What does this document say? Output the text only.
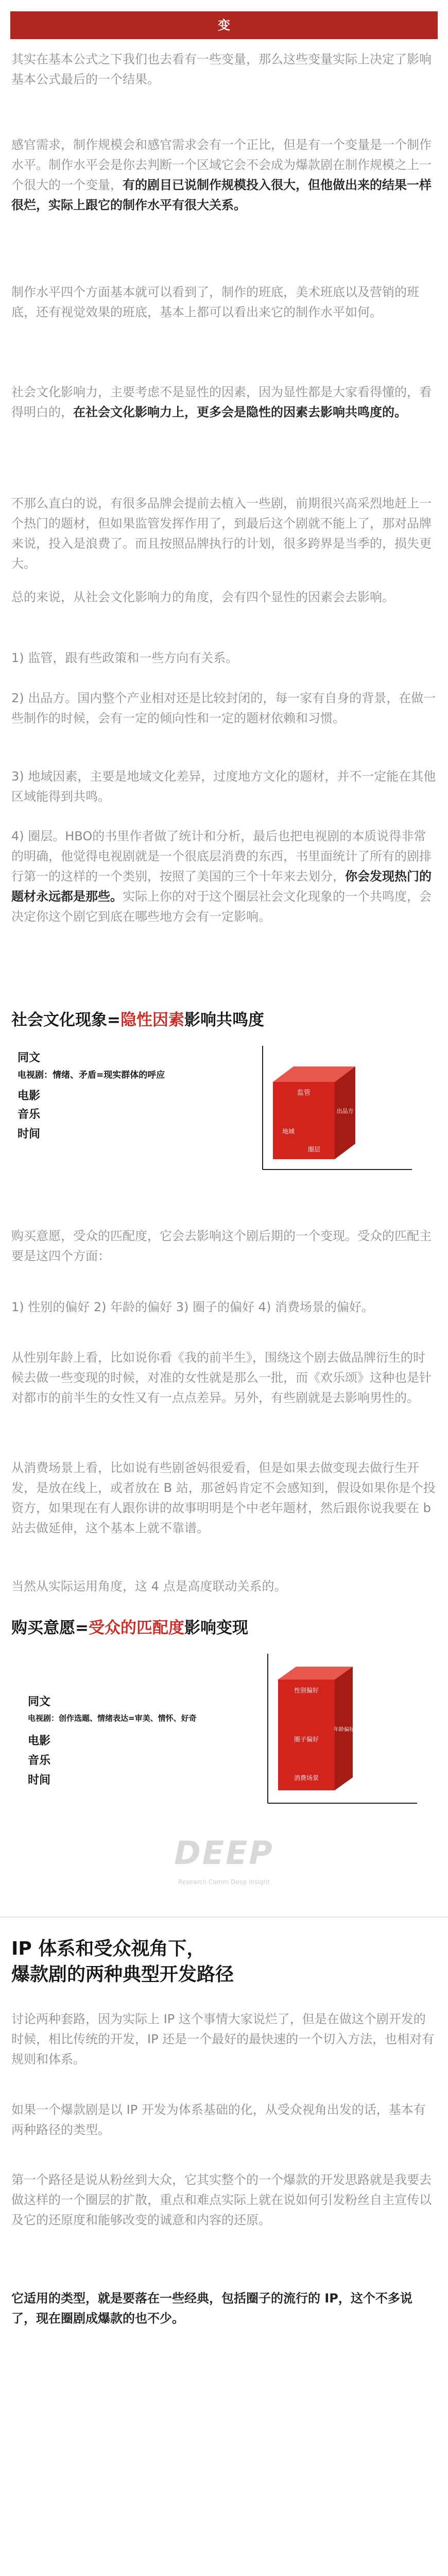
变
其实在基本公式之下我们也去看有一些变量，那么这些变量实际上决定了影响基本公式最后的一个结果。
感官需求，制作规模会和感官需求会有一个正比，但是有一个变量是一个制作水平。制作水平会是你去判断一个区域它会不会成为爆款剧在制作规模之上一个很大的一个变量，有的剧目已说制作规模投入很大，但他做出来的结果一样很烂，实际上跟它的制作水平有很大关系。
制作水平四个方面基本就可以看到了，制作的班底，美术班底以及营销的班底，还有视觉效果的班底，基本上都可以看出来它的制作水平如何。
社会文化影响力，主要考虑不是显性的因素，因为显性都是大家看得懂的，看得明白的，在社会文化影响力上，更多会是隐性的因素去影响共鸣度的。
不那么直白的说，有很多品牌会提前去植入一些剧，前期很兴高采烈地赶上一个热门的题材，但如果监管发挥作用了，到最后这个剧就不能上了，那对品牌来说，投入是浪费了。而且按照品牌执行的计划，很多跨界是当季的，损失更大。
总的来说，从社会文化影响力的角度，会有四个显性的因素会去影响。
1) 监管，跟有些政策和一些方向有关系。
2) 出品方。国内整个产业相对还是比较封闭的，每一家有自身的背景，在做一些制作的时候，会有一定的倾向性和一定的题材依赖和习惯。
3) 地域因素，主要是地域文化差异，过度地方文化的题材，并不一定能在其他区域能得到共鸣。
4) 圈层。HBO的书里作者做了统计和分析，最后也把电视剧的本质说得非常的明确，他觉得电视剧就是一个很底层消费的东西，书里面统计了所有的剧排行第一的这样的一个类别，按照了美国的三个十年来去划分，你会发现热门的题材永远都是那些。实际上你的对于这个圈层社会文化现象的一个共鸣度，会决定你这个剧它到底在哪些地方会有一定影响。
社会文化现象=隐性因素影响共鸣度
同文
电视剧：情绪、矛盾=现实群体的呼应
电影
音乐
时间
监管
出品方
地域
圈层
购买意愿，受众的匹配度，它会去影响这个剧后期的一个变现。受众的匹配主要是这四个方面：
1) 性别的偏好 2) 年龄的偏好 3) 圈子的偏好 4) 消费场景的偏好。
从性别年龄上看，比如说你看《我的前半生》，围绕这个剧去做品牌衍生的时候去做一些变现的时候，对准的女性就是那么一批，而《欢乐颂》这种也是针对都市的前半生的女性又有一点点差异。另外，有些剧就是去影响男性的。
从消费场景上看，比如说有些剧爸妈很爱看，但是如果去做变现去做行生开发，是放在线上，或者放在 B 站，那爸妈肯定不会感知到，假设如果你是个投资方，如果现在有人跟你讲的故事明明是个中老年题材，然后跟你说我要在 b 站去做延伸，这个基本上就不靠谱。
当然从实际运用角度，这 4 点是高度联动关系的。
购买意愿=受众的匹配度影响变现
同文
电视剧：创作选题、情绪表达=审美、情怀、好奇
电影
音乐
时间
性别偏好
年龄偏好
圈子偏好
消费场景
DEEP
Research Comm Deep Insight
IP 体系和受众视角下，
爆款剧的两种典型开发路径
讨论两种套路，因为实际上 IP 这个事情大家说烂了，但是在做这个剧开发的时候，相比传统的开发，IP 还是一个最好的最快速的一个切入方法，也相对有规则和体系。
如果一个爆款剧是以 IP 开发为体系基础的化，从受众视角出发的话，基本有两种路径的类型。
第一个路径是说从粉丝到大众，它其实整个的一个爆款的开发思路就是我要去做这样的一个圈层的扩散，重点和难点实际上就在说如何引发粉丝自主宣传以及它的还原度和能够改变的诚意和内容的还原。
它适用的类型，就是要落在一些经典，包括圈子的流行的 IP，这个不多说了，现在圈剧成爆款的也不少。
